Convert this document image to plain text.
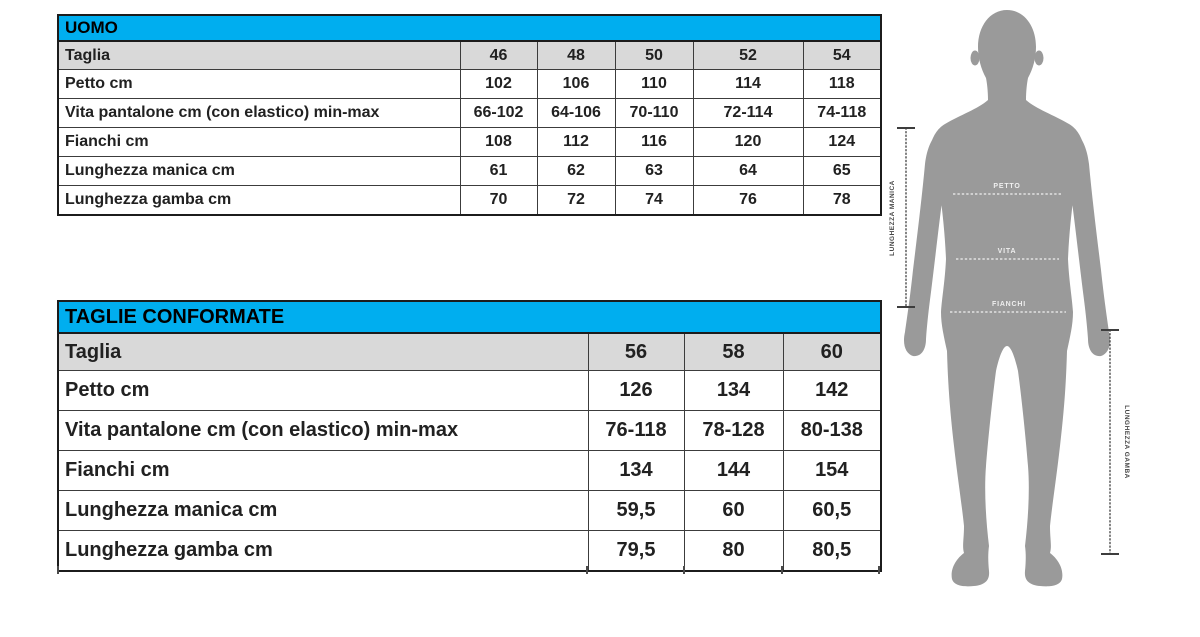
UOMO					
Taglia	46	48	50	52	54
Petto cm	102	106	110	114	118
Vita pantalone cm (con elastico) min-max	66-102	64-106	70-110	72-114	74-118
Fianchi cm	108	112	116	120	124
Lunghezza manica cm	61	62	63	64	65
Lunghezza gamba cm	70	72	74	76	78
TAGLIE CONFORMATE			
Taglia	56	58	60
Petto cm	126	134	142
Vita pantalone cm (con elastico) min-max	76-118	78-128	80-138
Fianchi cm	134	144	154
Lunghezza manica cm	59,5	60	60,5
Lunghezza gamba cm	79,5	80	80,5
PETTO
VITA
FIANCHI
LUNGHEZZA MANICA
LUNGHEZZA GAMBA
